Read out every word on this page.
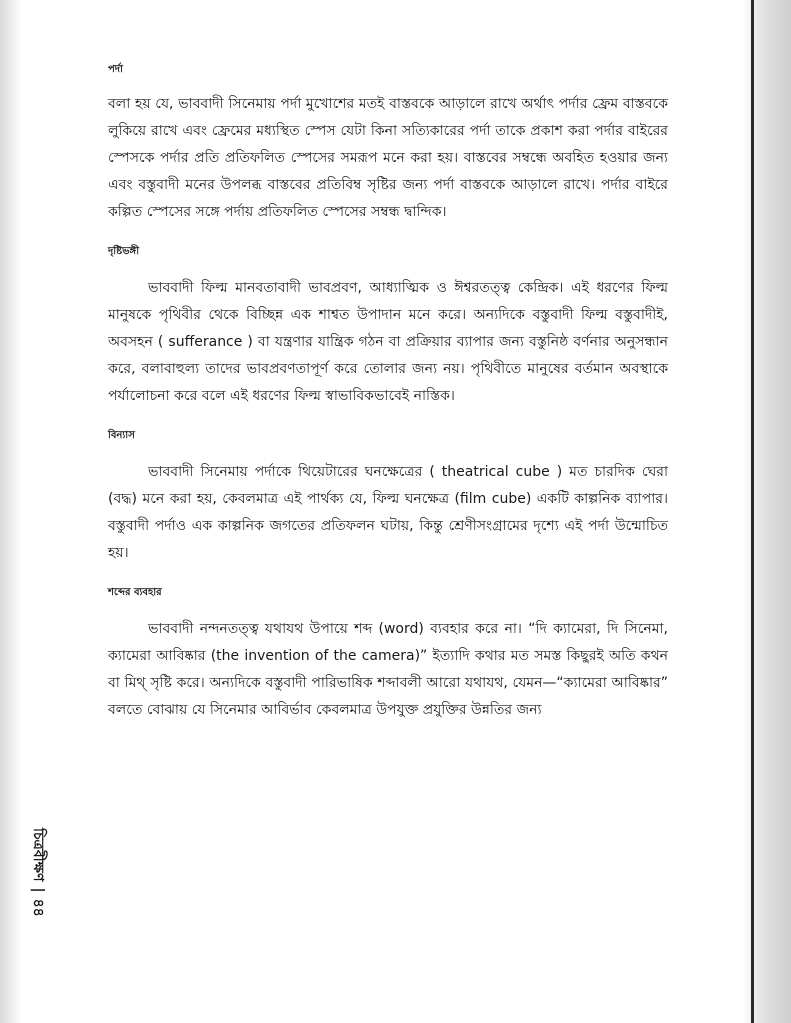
পর্দা

বলা হয় যে, ভাববাদী সিনেমায় পর্দা মুখোশের মতই বাস্তবকে আড়ালে রাখে অর্থাৎ পর্দার ফ্রেম বাস্তবকে লুকিয়ে রাখে এবং ফ্রেমের মধ্যস্থিত স্পেস যেটা কিনা সত্যিকারের পর্দা তাকে প্রকাশ করা পর্দার বাইরের স্পেসকে পর্দার প্রতি প্রতিফলিত স্পেসের সমরূপ মনে করা হয়। বাস্তবের সম্বন্ধে অবহিত হওয়ার জন্য এবং বস্তুবাদী মনের উপলব্ধ বাস্তবের প্রতিবিম্ব সৃষ্টির জন্য পর্দা বাস্তবকে আড়ালে রাখে। পর্দার বাইরে কল্পিত স্পেসের সঙ্গে পর্দায় প্রতিফলিত স্পেসের সম্বন্ধ দ্বান্দিক।

দৃষ্টিভঙ্গী

ভাববাদী ফিল্ম মানবতাবাদী ভাবপ্রবণ, আধ্যাত্মিক ও ঈশ্বরতত্ত্ব কেন্দ্রিক। এই ধরণের ফিল্ম মানুষকে পৃথিবীর থেকে বিচ্ছিন্ন এক শাশ্বত উপাদান মনে করে। অন্যদিকে বস্তুবাদী ফিল্ম বস্তুবাদীই, অবসহন ( sufferance ) বা যন্ত্রণার যান্ত্রিক গঠন বা প্রক্রিয়ার ব্যাপার জন্য বস্তুনিষ্ঠ বর্ণনার অনুসন্ধান করে, বলাবাহুল্য তাদের ভাবপ্রবণতাপূর্ণ করে তোলার জন্য নয়। পৃথিবীতে মানুষের বর্তমান অবস্থাকে পর্যালোচনা করে বলে এই ধরণের ফিল্ম স্বাভাবিকভাবেই নাস্তিক।

বিন্যাস

ভাববাদী সিনেমায় পর্দাকে থিয়েটারের ঘনক্ষেত্রের ( theatrical cube ) মত চারদিক ঘেরা (বদ্ধ) মনে করা হয়, কেবলমাত্র এই পার্থক্য যে, ফিল্ম ঘনক্ষেত্র (film cube) একটি কাল্পনিক ব্যাপার। বস্তুবাদী পর্দাও এক কাল্পনিক জগতের প্রতিফলন ঘটায়, কিন্তু শ্রেণীসংগ্রামের দৃশ্যে এই পর্দা উন্মোচিত হয়।

শব্দের ব্যবহার

ভাববাদী নন্দনতত্ত্ব যথাযথ উপায়ে শব্দ (word) ব্যবহার করে না। “দি ক্যামেরা, দি সিনেমা, ক্যামেরা আবিষ্কার (the invention of the camera)” ইত্যাদি কথার মত সমস্ত কিছুরই অতি কথন বা মিথ্ সৃষ্টি করে। অন্যদিকে বস্তুবাদী পারিভাষিক শব্দাবলী আরো যথাযথ, যেমন—“ক্যামেরা আবিষ্কার” বলতে বোঝায় যে সিনেমার আবির্ভাব কেবলমাত্র উপযুক্ত প্রযুক্তির উন্নতির জন্য

চিত্রবীক্ষণ|৪৪
